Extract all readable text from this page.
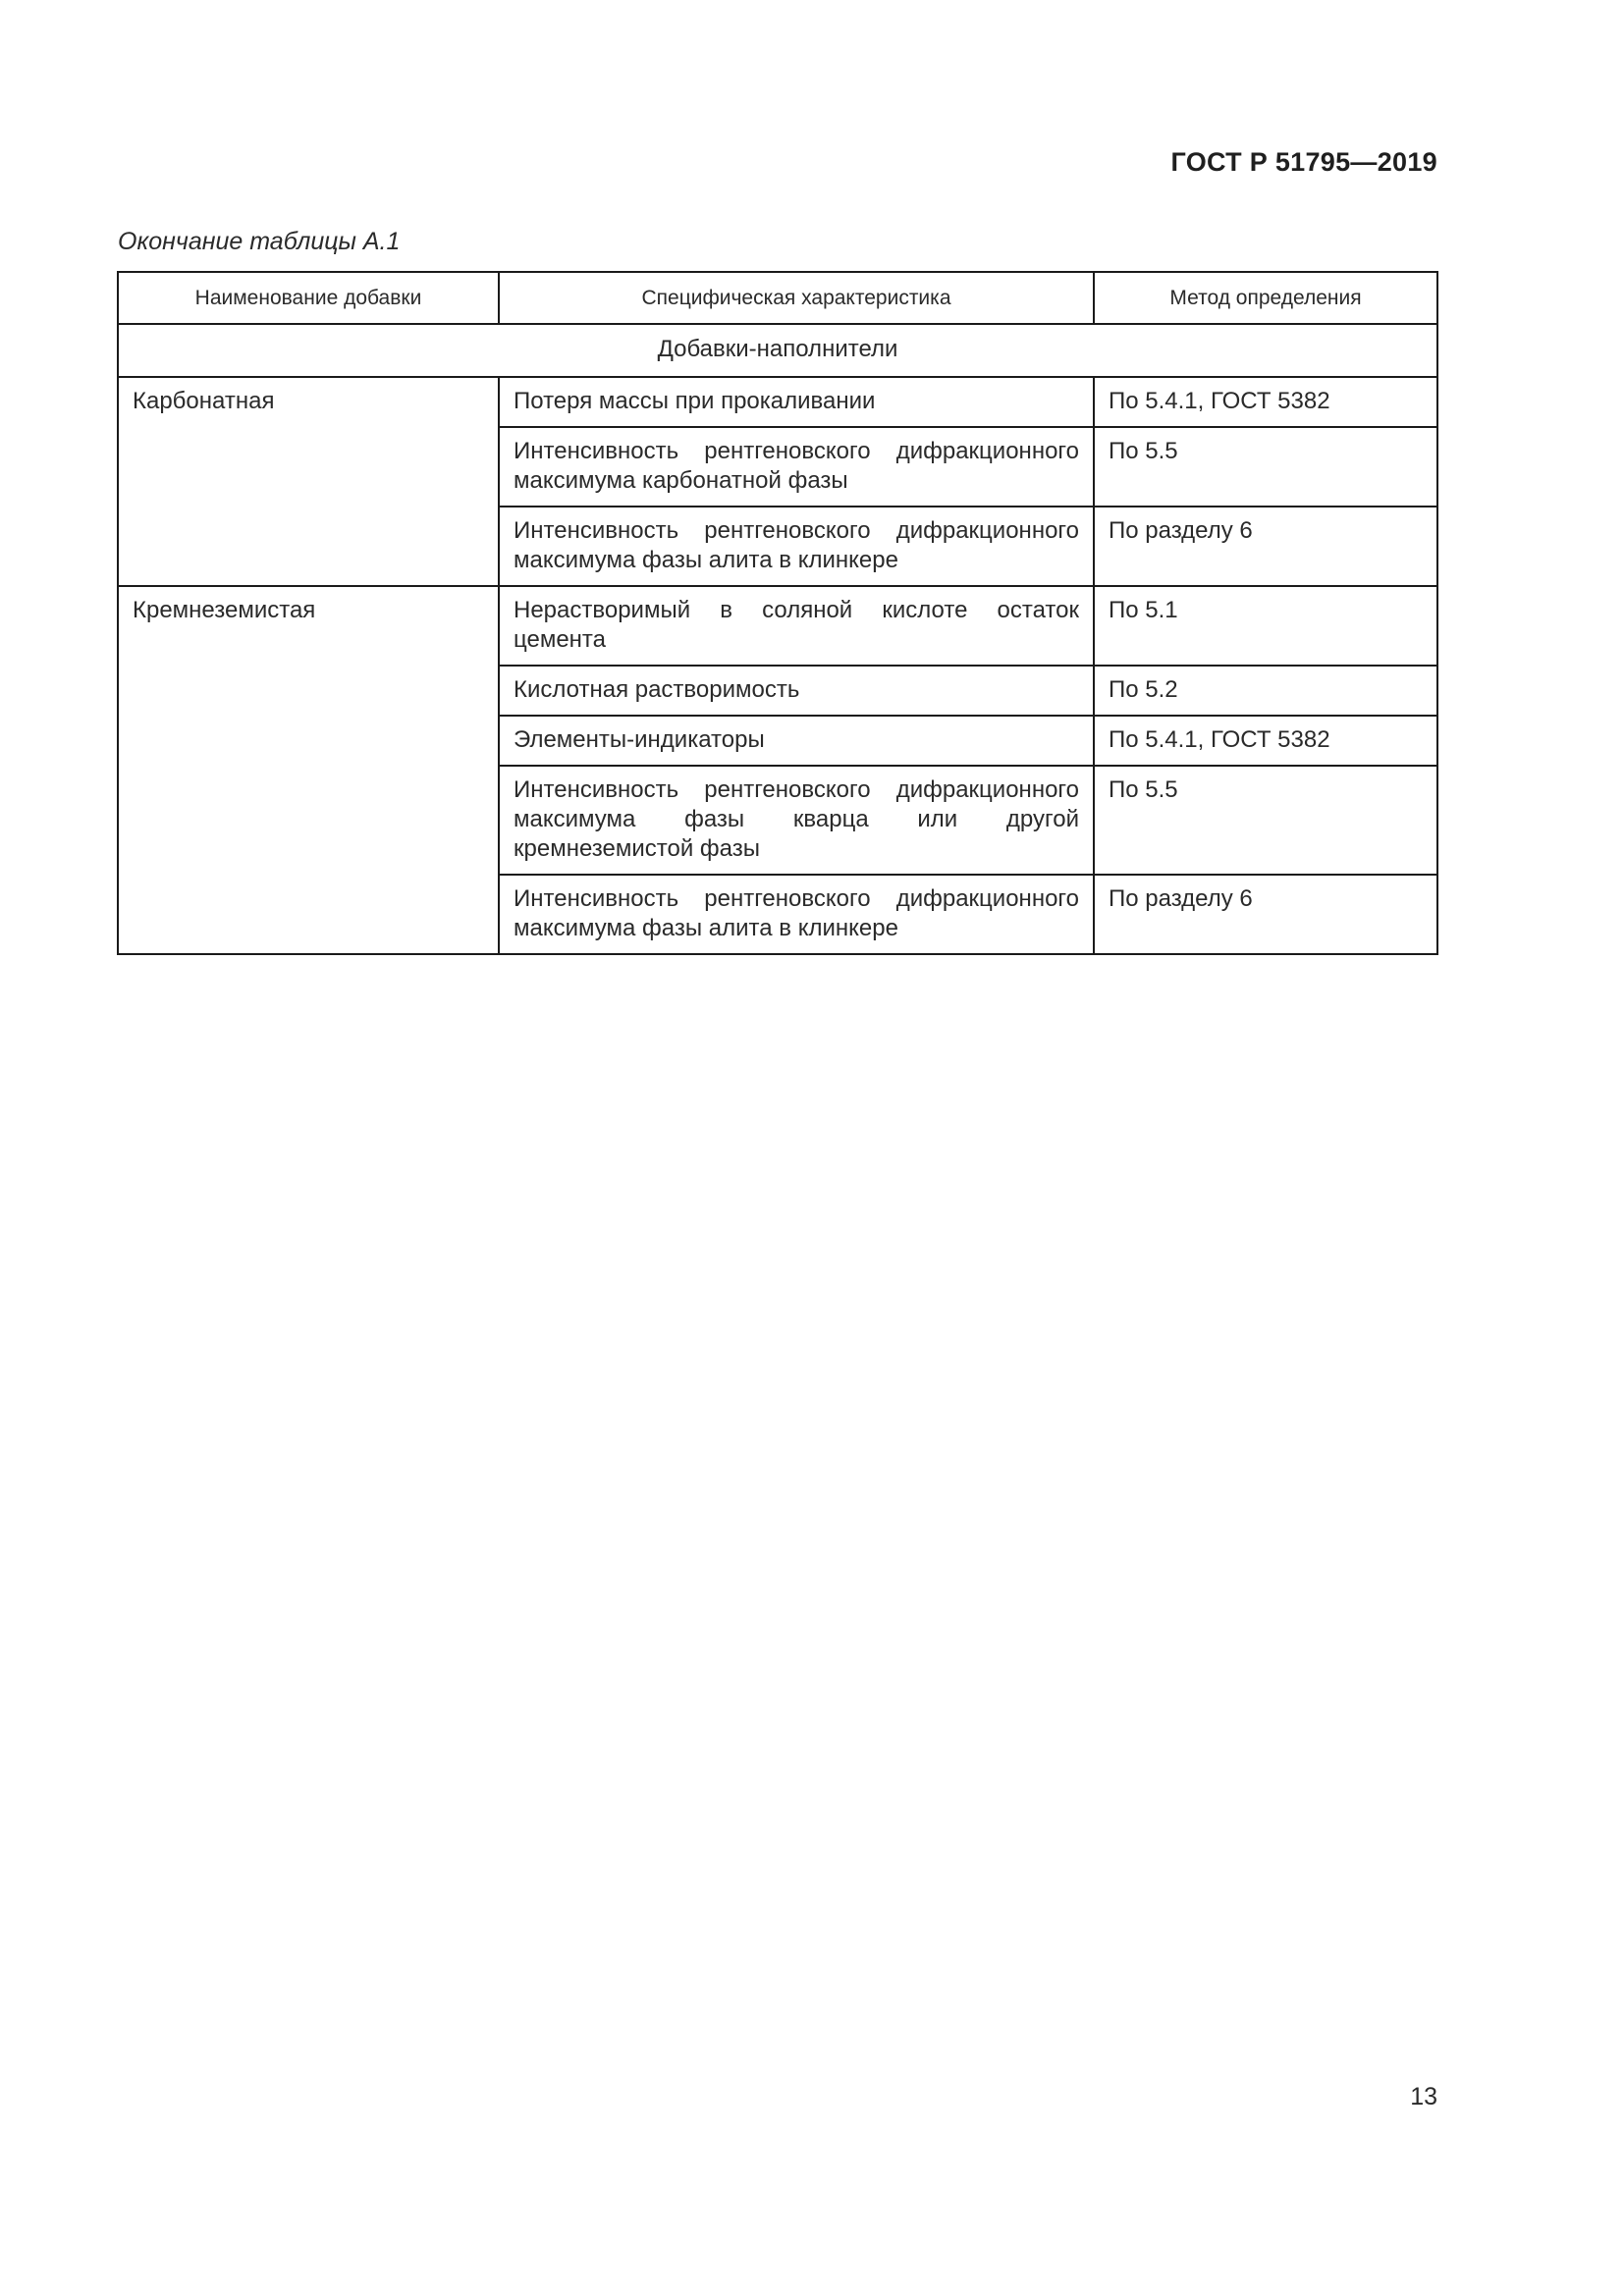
ГОСТ Р 51795—2019
Окончание таблицы А.1
Наименование добавки	Специфическая характеристика	Метод определения
Добавки-наполнители		
Карбонатная	Потеря массы при прокаливании	По 5.4.1, ГОСТ 5382
	Интенсивность рентгеновского дифракционного максимума карбонатной фазы	По 5.5
	Интенсивность рентгеновского дифракционного максимума фазы алита в клинкере	По разделу 6
Кремнеземистая	Нерастворимый в соляной кислоте остаток цемента	По 5.1
	Кислотная растворимость	По 5.2
	Элементы-индикаторы	По 5.4.1, ГОСТ 5382
	Интенсивность рентгеновского дифракционного максимума фазы кварца или другой кремнеземистой фазы	По 5.5
	Интенсивность рентгеновского дифракционного максимума фазы алита в клинкере	По разделу 6
13
